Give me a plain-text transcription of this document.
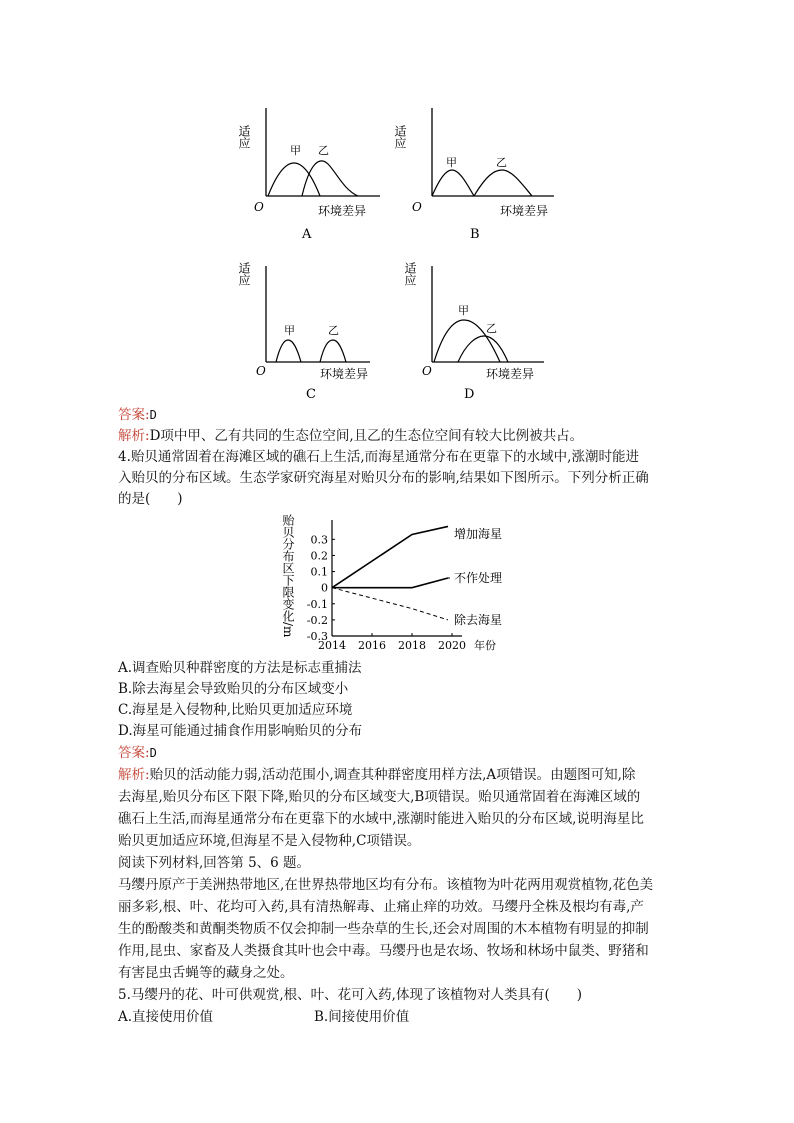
适应
O	环境差异
甲 乙
A
适应
O	环境差异
甲	乙
B
适应
O	环境差异
甲	乙
C
适应
O	环境差异
甲
乙
D

答案:D

解析:D项中甲、乙有共同的生态位空间,且乙的生态位空间有较大比例被共占。

4.贻贝通常固着在海滩区域的礁石上生活,而海星通常分布在更靠下的水域中,涨潮时能进

入贻贝的分布区域。生态学家研究海星对贻贝分布的影响,结果如下图所示。下列分析正确

的是(　　)

贻贝分布区下限变化/m 0.3
0.2
0.1
0
-0.1
-0.2
-0.3
2014 2016 2018 2020 年份
增加海星
不作处理
除去海星

A.调查贻贝种群密度的方法是标志重捕法

B.除去海星会导致贻贝的分布区域变小

C.海星是入侵物种,比贻贝更加适应环境

D.海星可能通过捕食作用影响贻贝的分布

答案:D

解析:贻贝的活动能力弱,活动范围小,调查其种群密度用样方法,A项错误。由题图可知,除

去海星,贻贝分布区下限下降,贻贝的分布区域变大,B项错误。贻贝通常固着在海滩区域的

礁石上生活,而海星通常分布在更靠下的水域中,涨潮时能进入贻贝的分布区域,说明海星比

贻贝更加适应环境,但海星不是入侵物种,C项错误。

阅读下列材料,回答第 5、6 题。

马缨丹原产于美洲热带地区,在世界热带地区均有分布。该植物为叶花两用观赏植物,花色美

丽多彩,根、叶、花均可入药,具有清热解毒、止痛止痒的功效。马缨丹全株及根均有毒,产

生的酚酸类和黄酮类物质不仅会抑制一些杂草的生长,还会对周围的木本植物有明显的抑制

作用,昆虫、家畜及人类摄食其叶也会中毒。马缨丹也是农场、牧场和林场中鼠类、野猪和

有害昆虫舌蝇等的藏身之处。

5.马缨丹的花、叶可供观赏,根、叶、花可入药,体现了该植物对人类具有(　　)

A.直接使用价值	B.间接使用价值
